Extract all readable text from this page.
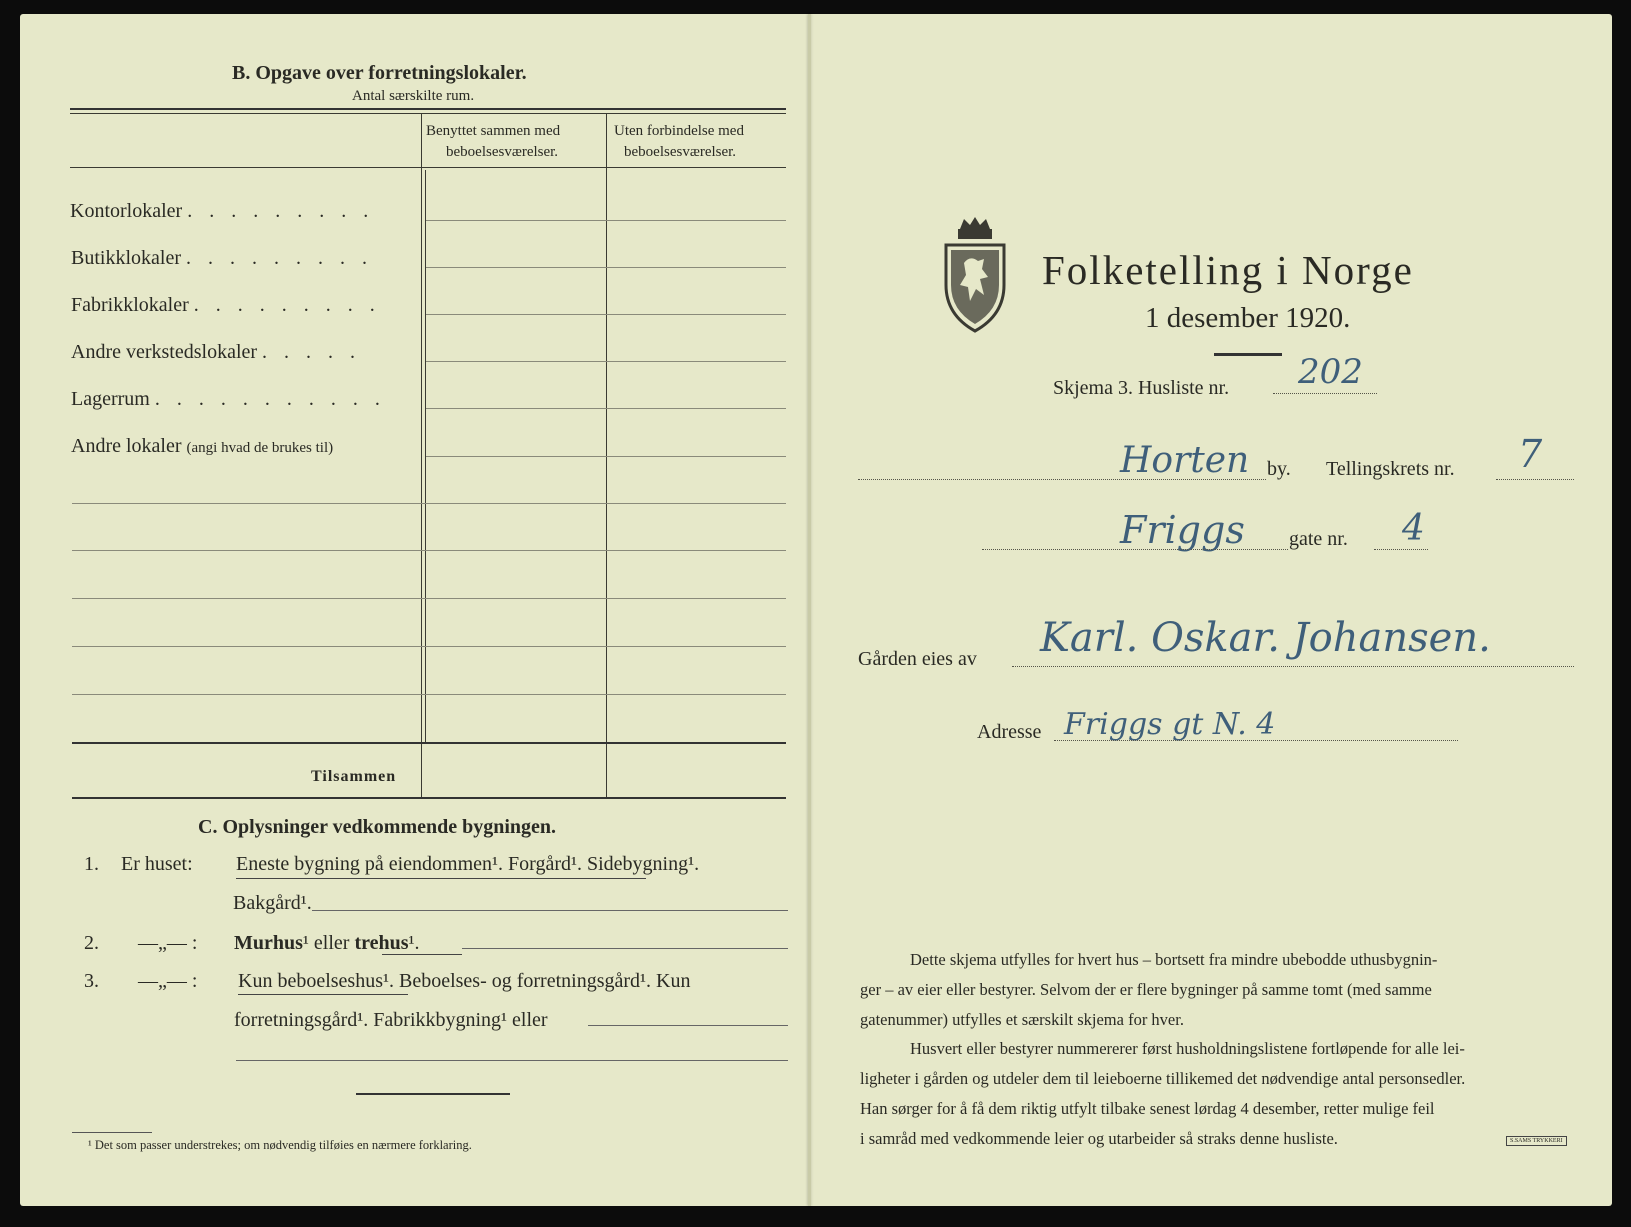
B. Opgave over forretningslokaler.
Antal særskilte rum.
Benyttet sammen med
beboelsesværelser.
Uten forbindelse med
beboelsesværelser.
Kontorlokaler . . . . . . . . .
Butikklokaler . . . . . . . . .
Fabrikklokaler . . . . . . . . .
Andre verkstedslokaler . . . . .
Lagerrum . . . . . . . . . . .
Andre lokaler (angi hvad de brukes til)
Tilsammen
C. Oplysninger vedkommende bygningen.
1. Er huset: Eneste bygning på eiendommen¹. Forgård¹. Sidebygning¹.
Bakgård¹.
2. —„— : Murhus¹ eller trehus¹.
3. —„— : Kun beboelseshus¹. Beboelses- og forretningsgård¹. Kun
forretningsgård¹. Fabrikkbygning¹ eller
¹ Det som passer understrekes; om nødvendig tilføies en nærmere forklaring.
Folketelling i Norge
1 desember 1920.
Skjema 3. Husliste nr. 202
Horten by. Tellingskrets nr. 7
Friggs gate nr. 4
Gården eies av Karl. Oskar. Johansen.
Adresse Friggs gt N. 4
Dette skjema utfylles for hvert hus – bortsett fra mindre ubebodde uthusbygnin-
ger – av eier eller bestyrer. Selvom der er flere bygninger på samme tomt (med samme
gatenummer) utfylles et særskilt skjema for hver.
Husvert eller bestyrer nummererer først husholdningslistene fortløpende for alle lei-
ligheter i gården og utdeler dem til leieboerne tillikemed det nødvendige antal personsedler.
Han sørger for å få dem riktig utfylt tilbake senest lørdag 4 desember, retter mulige feil
i samråd med vedkommende leier og utarbeider så straks denne husliste.	S.SAMS TRYKKERI
